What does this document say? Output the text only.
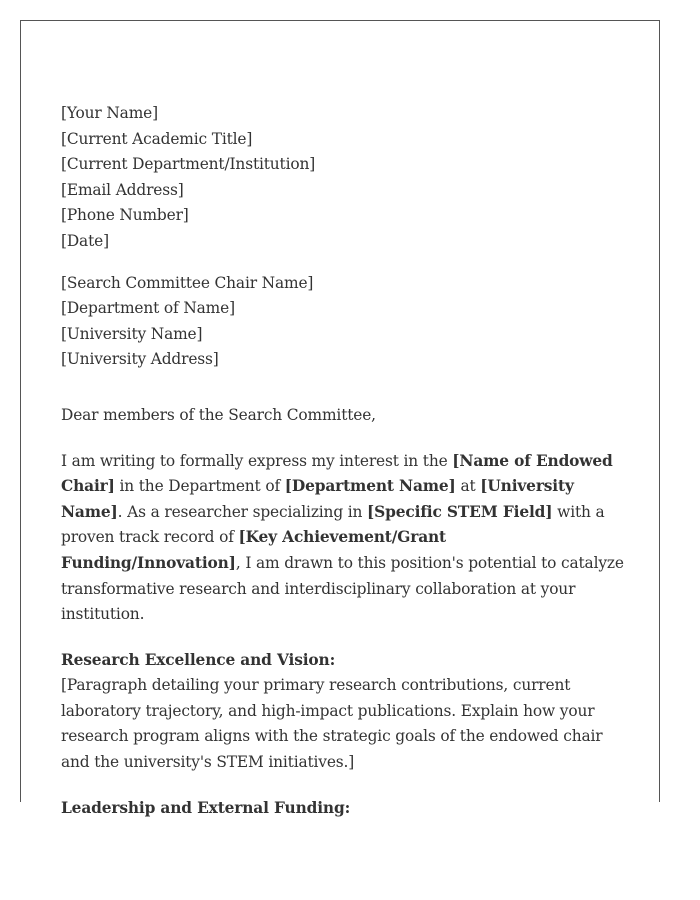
[Your Name]
[Current Academic Title]
[Current Department/Institution]
[Email Address]
[Phone Number]
[Date]
[Search Committee Chair Name]
[Department of Name]
[University Name]
[University Address]
Dear members of the Search Committee,

I am writing to formally express my interest in the [Name of Endowed Chair] in the Department of [Department Name] at [University Name]. As a researcher specializing in [Specific STEM Field] with a proven track record of [Key Achievement/Grant Funding/Innovation], I am drawn to this position's potential to catalyze transformative research and interdisciplinary collaboration at your institution.

Research Excellence and Vision:
[Paragraph detailing your primary research contributions, current laboratory trajectory, and high-impact publications. Explain how your research program aligns with the strategic goals of the endowed chair and the university's STEM initiatives.]
Leadership and External Funding:
